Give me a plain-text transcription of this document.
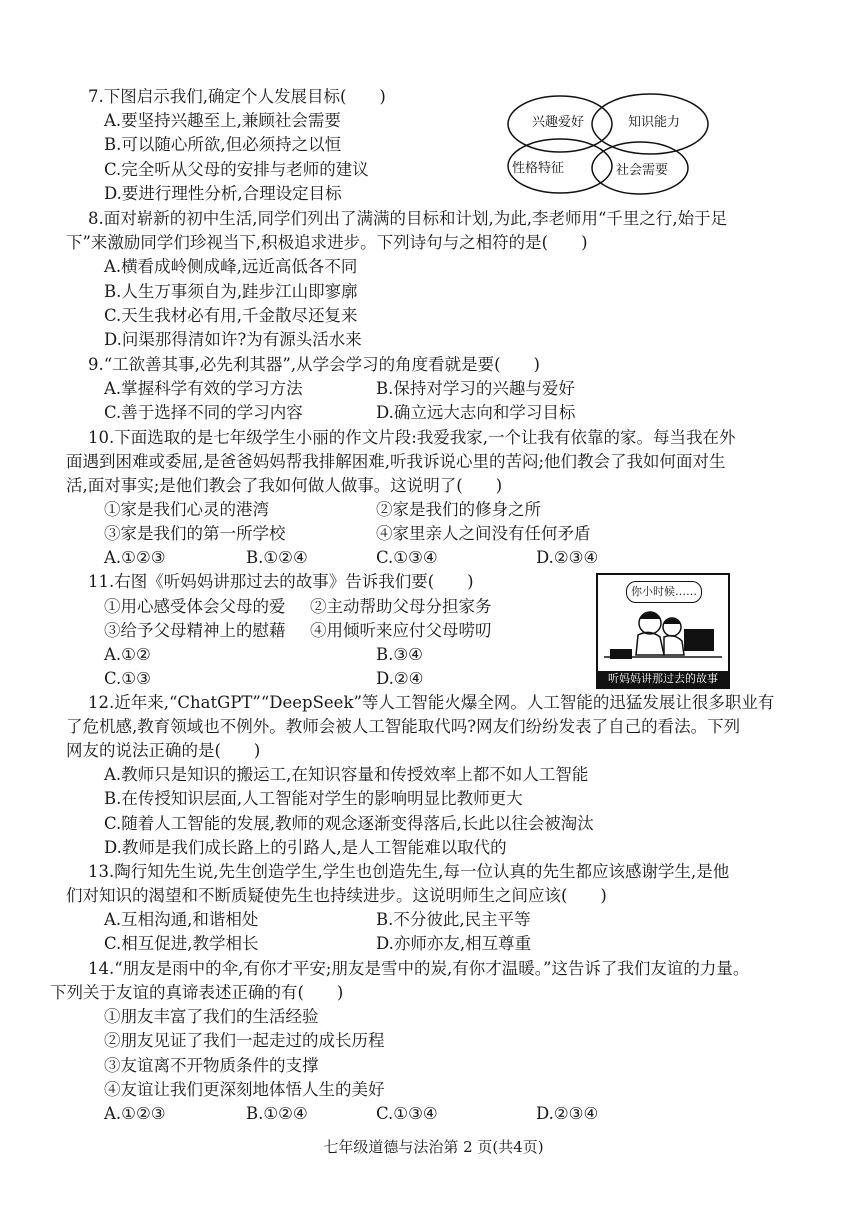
7.下图启示我们,确定个人发展目标(　　)
A.要坚持兴趣至上,兼顾社会需要
B.可以随心所欲,但必须持之以恒
C.完全听从父母的安排与老师的建议
D.要进行理性分析,合理设定目标
兴趣爱好	知识能力
性格特征	社会需要
8.面对崭新的初中生活,同学们列出了满满的目标和计划,为此,李老师用“千里之行,始于足
下”来激励同学们珍视当下,积极追求进步。下列诗句与之相符的是(　　)
A.横看成岭侧成峰,远近高低各不同
B.人生万事须自为,跬步江山即寥廓
C.天生我材必有用,千金散尽还复来
D.问渠那得清如许?为有源头活水来
9.“工欲善其事,必先利其器”,从学会学习的角度看就是要(　　)
A.掌握科学有效的学习方法	B.保持对学习的兴趣与爱好
C.善于选择不同的学习内容	D.确立远大志向和学习目标
10.下面选取的是七年级学生小丽的作文片段:我爱我家,一个让我有依靠的家。每当我在外
面遇到困难或委屈,是爸爸妈妈帮我排解困难,听我诉说心里的苦闷;他们教会了我如何面对生
活,面对事实;是他们教会了我如何做人做事。这说明了(　　)
①家是我们心灵的港湾	②家是我们的修身之所
③家是我们的第一所学校	④家里亲人之间没有任何矛盾
A.①②③	B.①②④	C.①③④	D.②③④
11.右图《听妈妈讲那过去的故事》告诉我们要(　　)
①用心感受体会父母的爱 ②主动帮助父母分担家务
③给予父母精神上的慰藉 ④用倾听来应付父母唠叨
A.①②	B.③④
C.①③	D.②④
你小时候……
听妈妈讲那过去的故事
12.近年来,“ChatGPT”“DeepSeek”等人工智能火爆全网。人工智能的迅猛发展让很多职业有
了危机感,教育领域也不例外。教师会被人工智能取代吗?网友们纷纷发表了自己的看法。下列
网友的说法正确的是(　　)
A.教师只是知识的搬运工,在知识容量和传授效率上都不如人工智能
B.在传授知识层面,人工智能对学生的影响明显比教师更大
C.随着人工智能的发展,教师的观念逐渐变得落后,长此以往会被淘汰
D.教师是我们成长路上的引路人,是人工智能难以取代的
13.陶行知先生说,先生创造学生,学生也创造先生,每一位认真的先生都应该感谢学生,是他
们对知识的渴望和不断质疑使先生也持续进步。这说明师生之间应该(　　)
A.互相沟通,和谐相处	B.不分彼此,民主平等
C.相互促进,教学相长	D.亦师亦友,相互尊重
14.“朋友是雨中的伞,有你才平安;朋友是雪中的炭,有你才温暖。”这告诉了我们友谊的力量。
下列关于友谊的真谛表述正确的有(　　)
①朋友丰富了我们的生活经验
②朋友见证了我们一起走过的成长历程
③友谊离不开物质条件的支撑
④友谊让我们更深刻地体悟人生的美好
A.①②③	B.①②④	C.①③④	D.②③④
七年级道德与法治第 2 页(共4页)
